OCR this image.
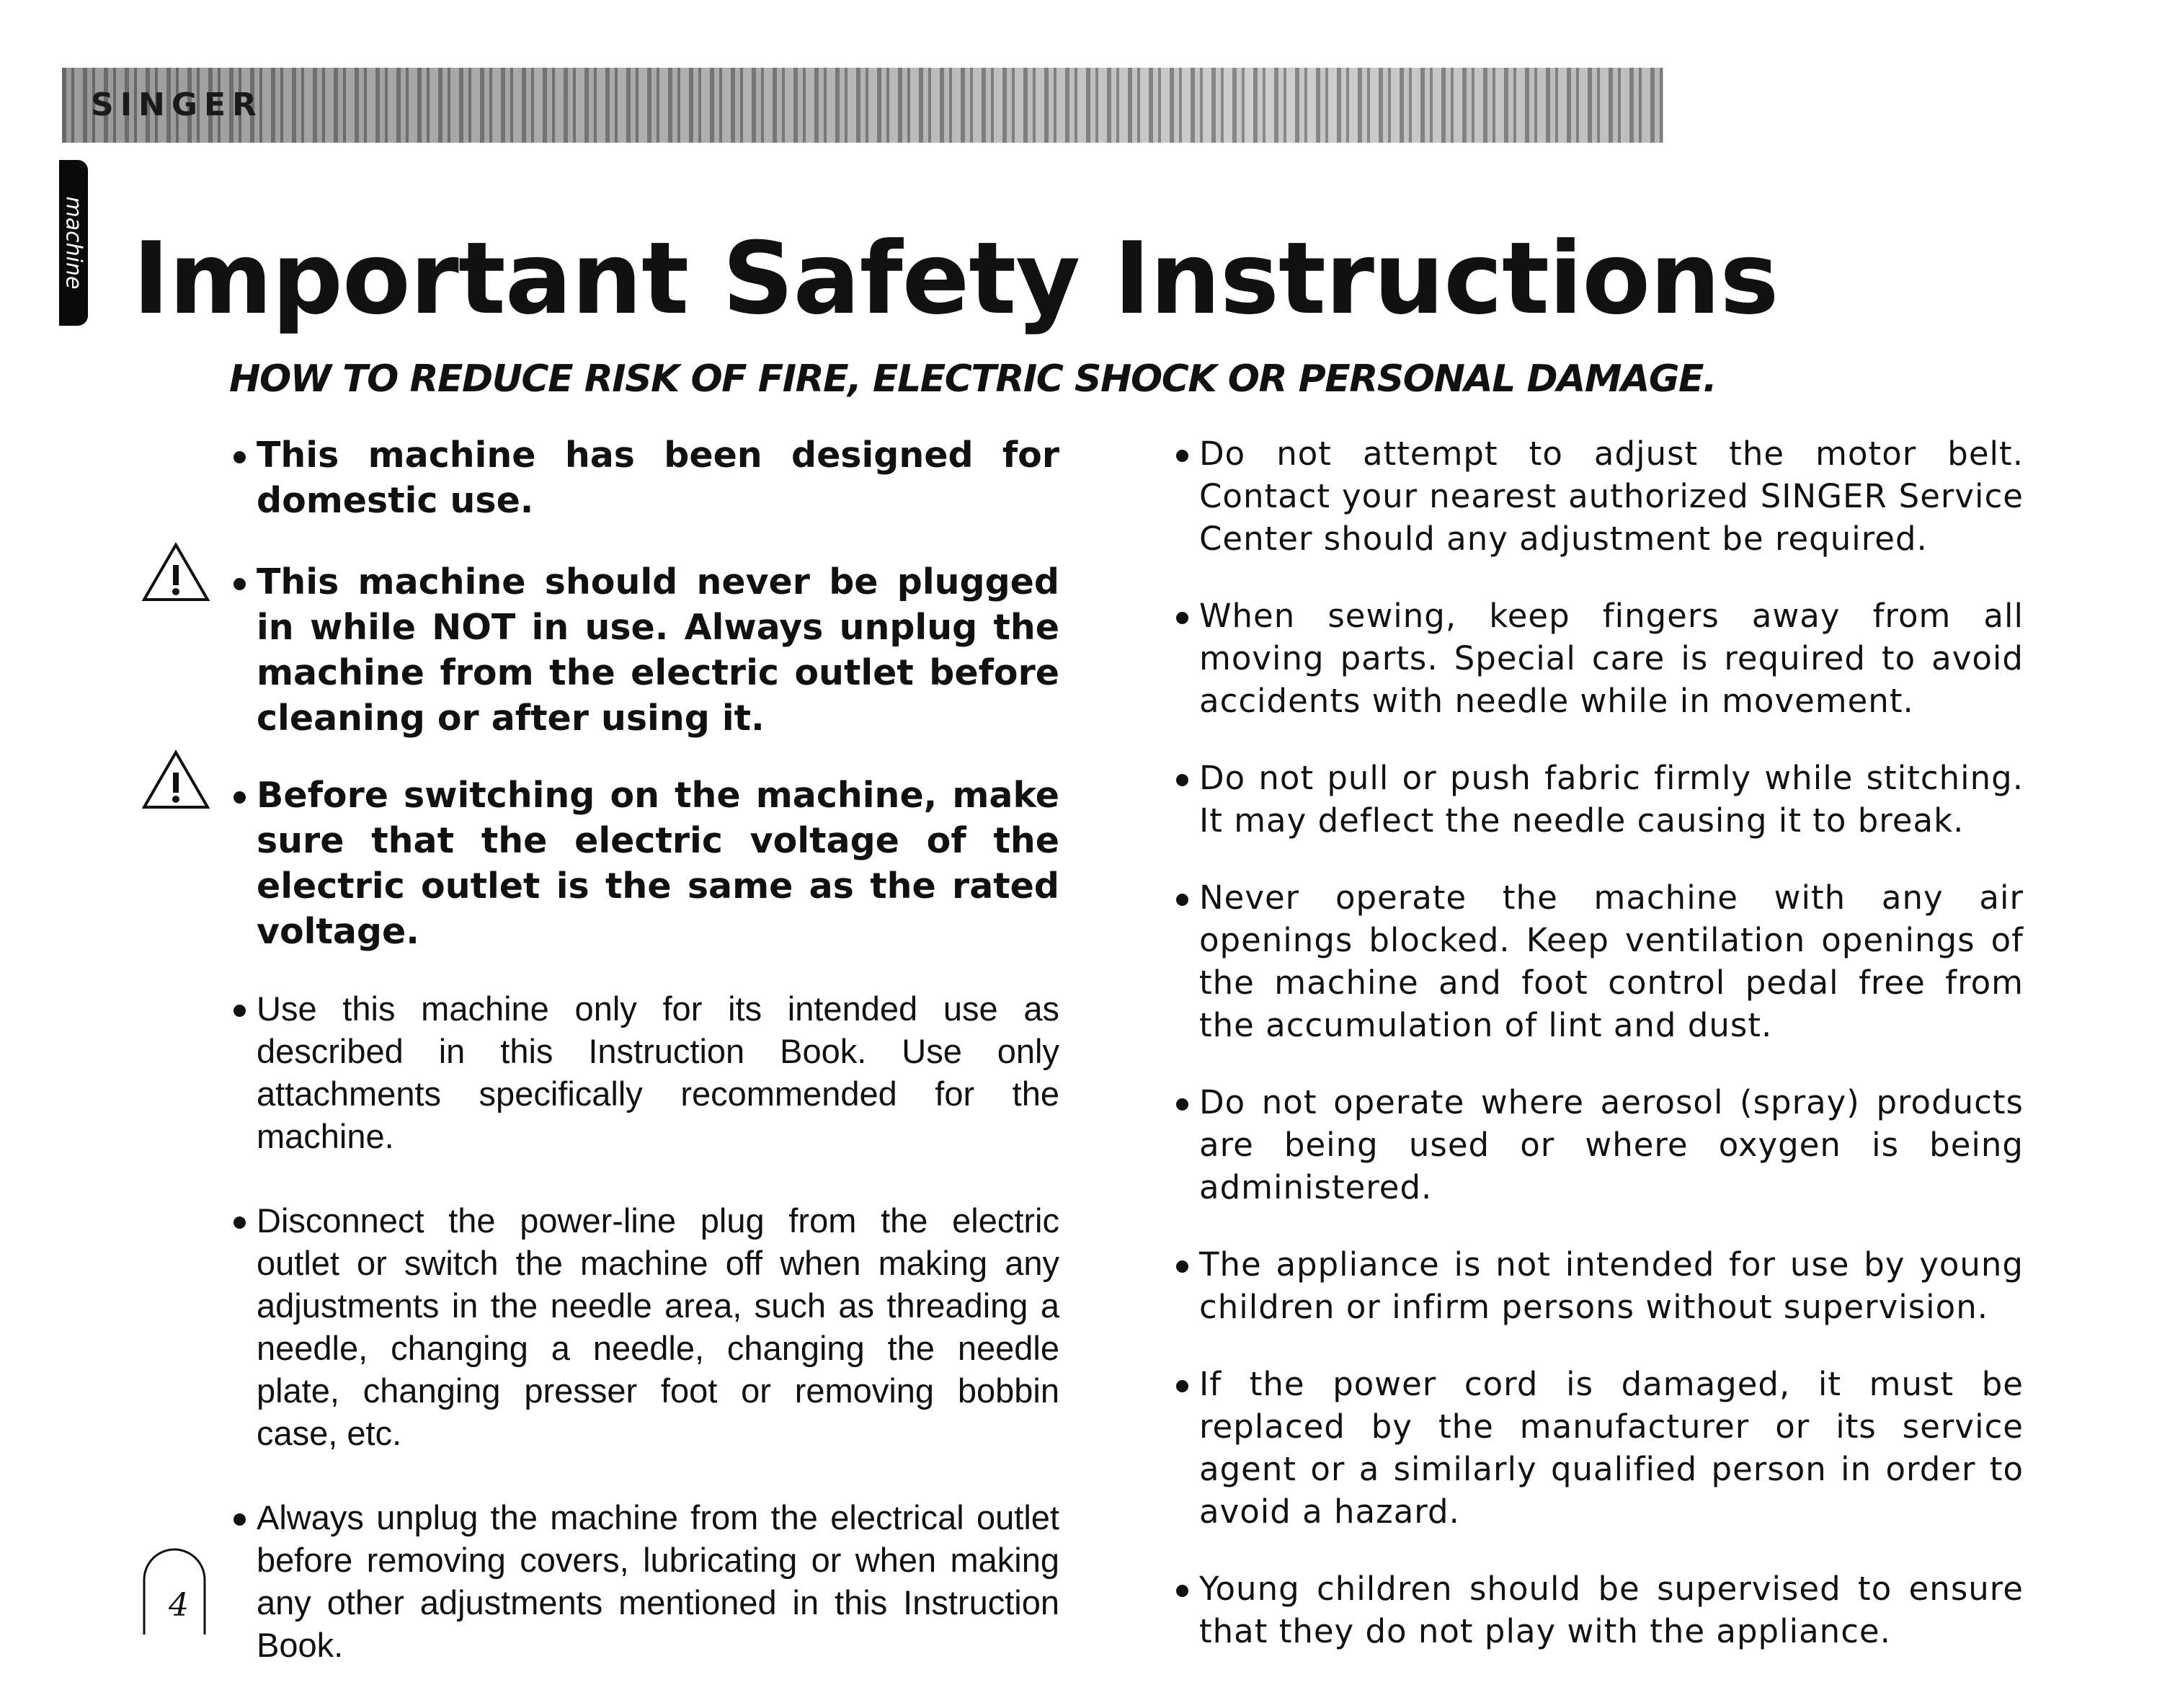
SINGER
machine Important Safety Instructions
HOW TO REDUCE RISK OF FIRE, ELECTRIC SHOCK OR PERSONAL DAMAGE.
This machine has been designed for domestic use.
This machine should never be plugged in while NOT in use. Always unplug the machine from the electric outlet before cleaning or after using it.
Before switching on the machine, make sure that the electric voltage of the electric outlet is the same as the rated voltage.
Use this machine only for its intended use as described in this Instruction Book. Use only attachments specifically recommended for the machine.
Disconnect the power-line plug from the electric outlet or switch the machine off when making any adjustments in the needle area, such as threading a needle, changing a needle, changing the needle plate, changing presser foot or removing bobbin case, etc.
Always unplug the machine from the electrical outlet before removing covers, lubricating or when making any other adjustments mentioned in this Instruction Book.
Do not attempt to adjust the motor belt. Contact your nearest authorized SINGER Service Center should any adjustment be required.
When sewing, keep fingers away from all moving parts. Special care is required to avoid accidents with needle while in movement.
Do not pull or push fabric firmly while stitching. It may deflect the needle causing it to break.
Never operate the machine with any air openings blocked. Keep ventilation openings of the machine and foot control pedal free from the accumulation of lint and dust.
Do not operate where aerosol (spray) products are being used or where oxygen is being administered.
The appliance is not intended for use by young children or infirm persons without supervision.
If the power cord is damaged, it must be replaced by the manufacturer or its service agent or a similarly qualified person in order to avoid a hazard.
Young children should be supervised to ensure that they do not play with the appliance.
4
